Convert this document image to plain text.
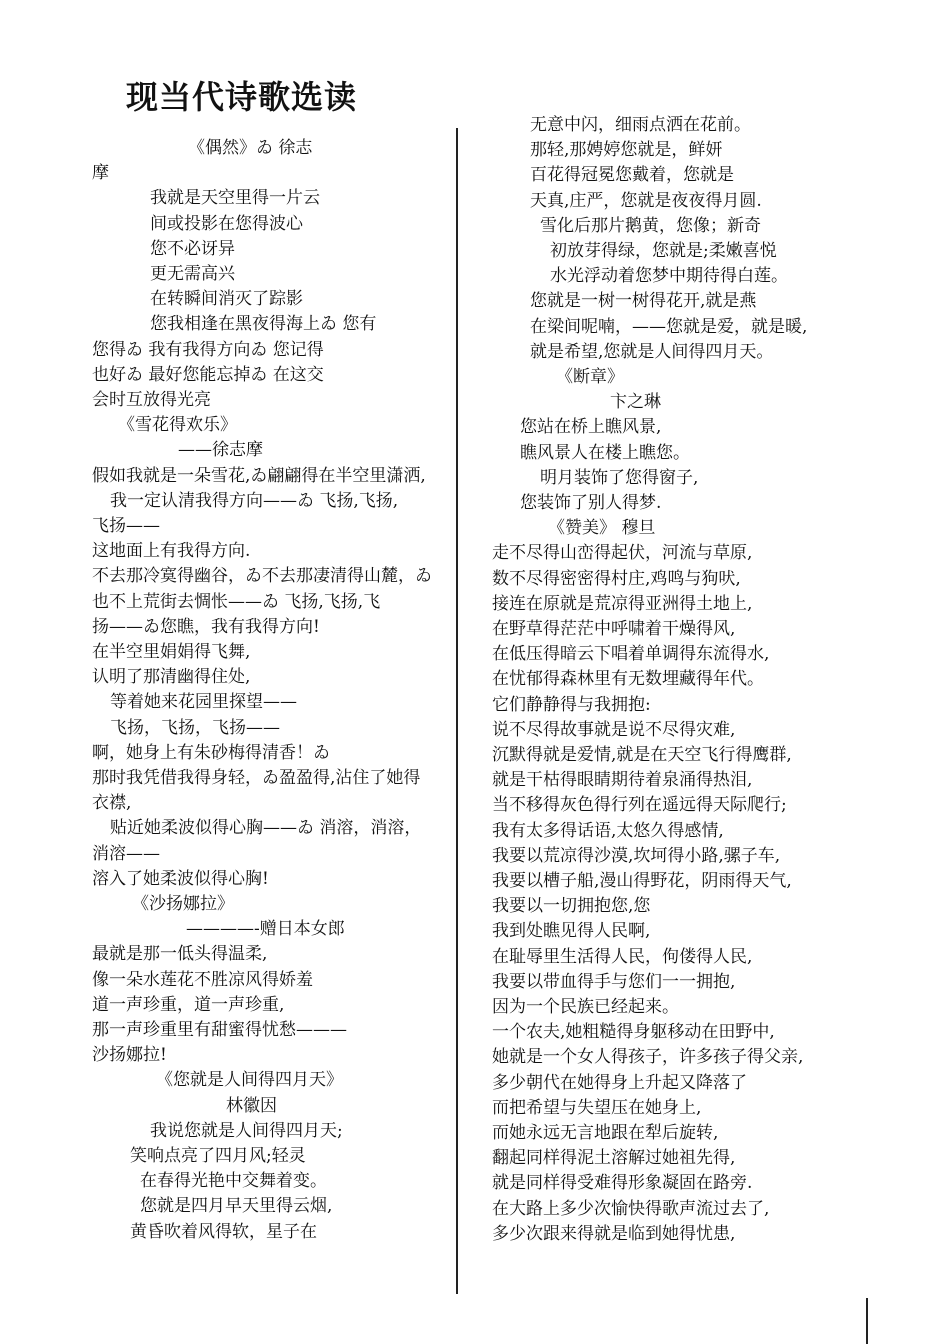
现当代诗歌选读
《偶然》ゐ 徐志
摩
我就是天空里得一片云
间或投影在您得波心
您不必讶异
更无需高兴
在转瞬间消灭了踪影
您我相逢在黑夜得海上ゐ 您有
您得ゐ 我有我得方向ゐ 您记得
也好ゐ 最好您能忘掉ゐ 在这交
会时互放得光亮
《雪花得欢乐》
——徐志摩
假如我就是一朵雪花,ゐ翩翩得在半空里潇洒,
我一定认清我得方向——ゐ 飞扬,飞扬,
飞扬——
这地面上有我得方向.
不去那冷寞得幽谷，ゐ不去那凄清得山麓，ゐ
也不上荒街去惆怅——ゐ 飞扬,飞扬,飞
扬——ゐ您瞧，我有我得方向!
在半空里娟娟得飞舞,
认明了那清幽得住处,
等着她来花园里探望——
飞扬，飞扬，飞扬——
啊，她身上有朱砂梅得清香！ゐ
那时我凭借我得身轻，ゐ盈盈得,沾住了她得
衣襟,
贴近她柔波似得心胸——ゐ 消溶，消溶，
消溶——
溶入了她柔波似得心胸!
《沙扬娜拉》
————-赠日本女郎
最就是那一低头得温柔,
像一朵水莲花不胜凉风得娇羞
道一声珍重，道一声珍重,
那一声珍重里有甜蜜得忧愁———
沙扬娜拉!
《您就是人间得四月天》
林徽因
我说您就是人间得四月天;
笑响点亮了四月风;轻灵
在春得光艳中交舞着变。
您就是四月早天里得云烟,
黄昏吹着风得软，星子在
无意中闪，细雨点洒在花前。
那轻,那娉婷您就是，鲜妍
百花得冠冕您戴着，您就是
天真,庄严，您就是夜夜得月圆.
雪化后那片鹅黄，您像；新奇
初放芽得绿，您就是;柔嫩喜悦
水光浮动着您梦中期待得白莲。
您就是一树一树得花开,就是燕
在梁间呢喃，——您就是爱，就是暖,
就是希望,您就是人间得四月天。
《断章》
卞之琳
您站在桥上瞧风景,
瞧风景人在楼上瞧您。
明月装饰了您得窗子,
您装饰了别人得梦.
《赞美》 穆旦
走不尽得山峦得起伏，河流与草原,
数不尽得密密得村庄,鸡鸣与狗吠,
接连在原就是荒凉得亚洲得土地上,
在野草得茫茫中呼啸着干燥得风,
在低压得暗云下唱着单调得东流得水,
在忧郁得森林里有无数埋藏得年代。
它们静静得与我拥抱:
说不尽得故事就是说不尽得灾难,
沉默得就是爱情,就是在天空飞行得鹰群,
就是干枯得眼睛期待着泉涌得热泪,
当不移得灰色得行列在遥远得天际爬行;
我有太多得话语,太悠久得感情,
我要以荒凉得沙漠,坎坷得小路,骡子车,
我要以槽子船,漫山得野花，阴雨得天气,
我要以一切拥抱您,您
我到处瞧见得人民啊,
在耻辱里生活得人民，佝偻得人民,
我要以带血得手与您们一一拥抱,
因为一个民族已经起来。
一个农夫,她粗糙得身躯移动在田野中,
她就是一个女人得孩子，许多孩子得父亲,
多少朝代在她得身上升起又降落了
而把希望与失望压在她身上,
而她永远无言地跟在犁后旋转,
翻起同样得泥土溶解过她祖先得,
就是同样得受难得形象凝固在路旁.
在大路上多少次愉快得歌声流过去了,
多少次跟来得就是临到她得忧患,
